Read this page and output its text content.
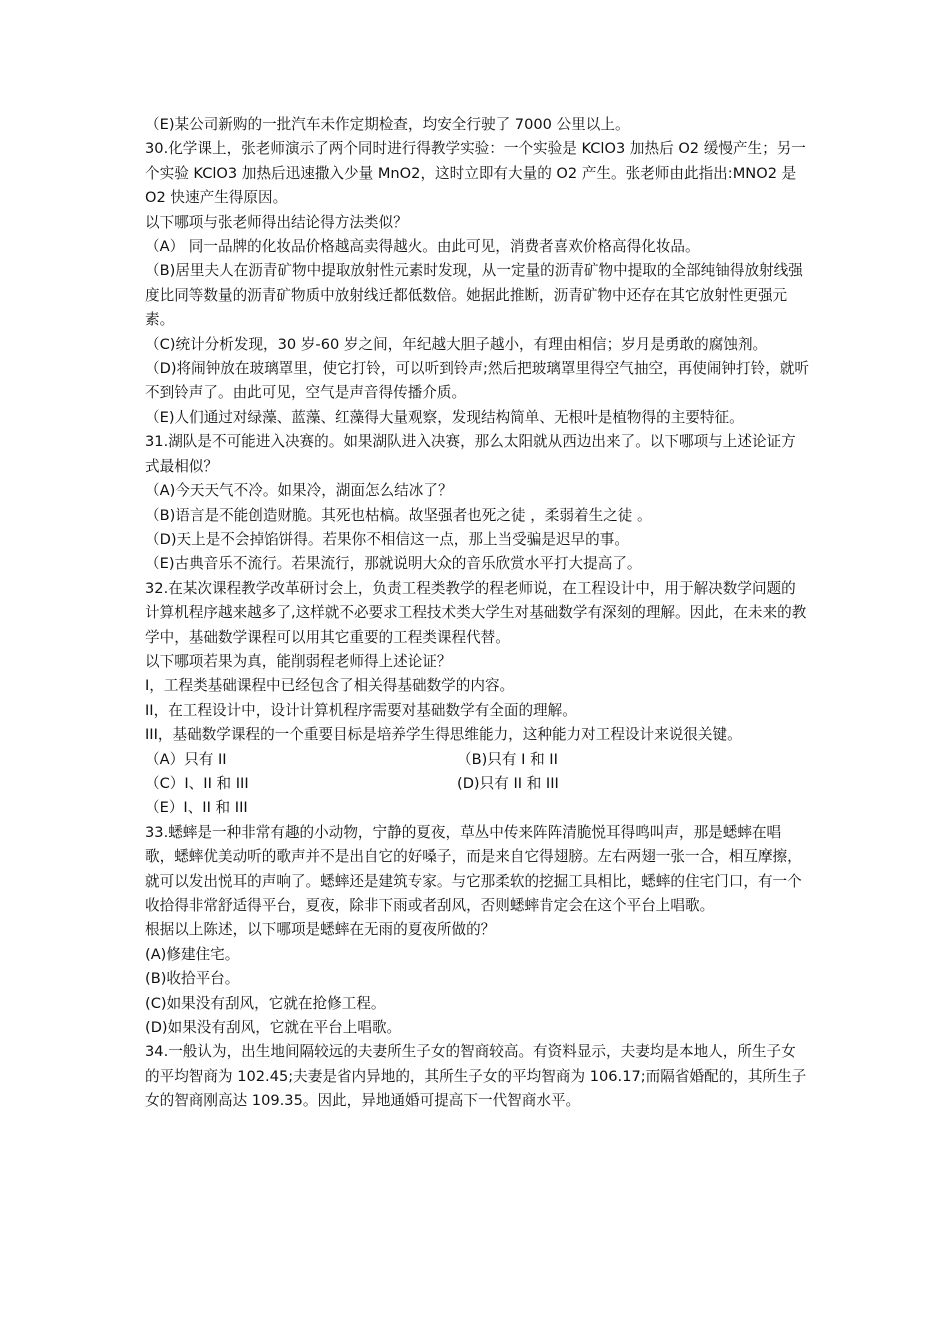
（E)某公司新购的一批汽车未作定期检查，均安全行驶了 7000 公里以上。

30.化学课上，张老师演示了两个同时进行得教学实验：一个实验是 KClO3 加热后 O2 缓慢产生；另一个实验 KClO3 加热后迅速撒入少量 MnO2，这时立即有大量的 O2 产生。张老师由此指出:MNO2 是 O2 快速产生得原因。

以下哪项与张老师得出结论得方法类似？

（A） 同一品牌的化妆品价格越高卖得越火。由此可见，消费者喜欢价格高得化妆品。

（B)居里夫人在沥青矿物中提取放射性元素时发现，从一定量的沥青矿物中提取的全部纯铀得放射线强度比同等数量的沥青矿物质中放射线迁都低数倍。她据此推断，沥青矿物中还存在其它放射性更强元素。

（C)统计分析发现，30 岁-60 岁之间，年纪越大胆子越小，有理由相信；岁月是勇敢的腐蚀剂。

（D)将闹钟放在玻璃罩里，使它打铃，可以听到铃声;然后把玻璃罩里得空气抽空，再使闹钟打铃，就听不到铃声了。由此可见，空气是声音得传播介质。

（E)人们通过对绿藻、蓝藻、红藻得大量观察，发现结构简单、无根叶是植物得的主要特征。

31.湖队是不可能进入决赛的。如果湖队进入决赛，那么太阳就从西边出来了。以下哪项与上述论证方式最相似？

（A)今天天气不冷。如果冷，湖面怎么结冰了？

（B)语言是不能创造财脆。其死也枯槁。故坚强者也死之徒 ，柔弱着生之徒 。

（D)天上是不会掉馅饼得。若果你不相信这一点，那上当受骗是迟早的事。

（E)古典音乐不流行。若果流行，那就说明大众的音乐欣赏水平打大提高了。

32.在某次课程教学改革研讨会上，负责工程类教学的程老师说，在工程设计中，用于解决数学问题的计算机程序越来越多了,这样就不必要求工程技术类大学生对基础数学有深刻的理解。因此，在未来的教学中，基础数学课程可以用其它重要的工程类课程代替。

以下哪项若果为真，能削弱程老师得上述论证？

I，工程类基础课程中已经包含了相关得基础数学的内容。

II，在工程设计中，设计计算机程序需要对基础数学有全面的理解。

III，基础数学课程的一个重要目标是培养学生得思维能力，这种能力对工程设计来说很关键。

（A）只有 II	（B)只有 I 和 II
（C）I、II 和 III	(D)只有 II 和 III
（E）I、II 和 III

33.蟋蟀是一种非常有趣的小动物，宁静的夏夜，草丛中传来阵阵清脆悦耳得鸣叫声，那是蟋蟀在唱歌，蟋蟀优美动听的歌声并不是出自它的好嗓子，而是来自它得翅膀。左右两翅一张一合，相互摩擦，就可以发出悦耳的声响了。蟋蟀还是建筑专家。与它那柔软的挖掘工具相比，蟋蟀的住宅门口，有一个收拾得非常舒适得平台，夏夜，除非下雨或者刮风，否则蟋蟀肯定会在这个平台上唱歌。

根据以上陈述，以下哪项是蟋蟀在无雨的夏夜所做的？

(A)修建住宅。

(B)收拾平台。

(C)如果没有刮风，它就在抢修工程。

(D)如果没有刮风，它就在平台上唱歌。

34.一般认为，出生地间隔较远的夫妻所生子女的智商较高。有资料显示，夫妻均是本地人，所生子女的平均智商为 102.45;夫妻是省内异地的，其所生子女的平均智商为 106.17;而隔省婚配的，其所生子女的智商刚高达 109.35。因此，异地通婚可提高下一代智商水平。
